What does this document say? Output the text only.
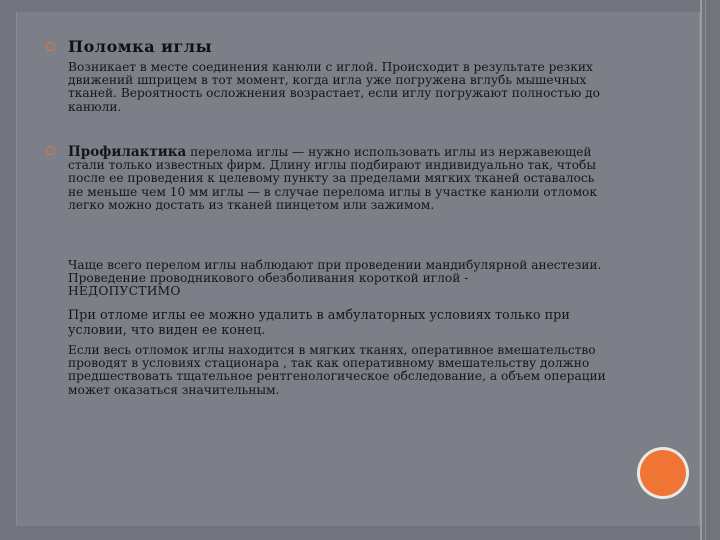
Поломка иглы
Возникает в месте соединения канюли с иглой. Происходит в результате резких движений шприцем в тот момент, когда игла уже погружена вглубь мышечных тканей. Вероятность осложнения возрастает, если иглу погружают полностью до канюли.
Профилактика перелома иглы — нужно использовать иглы из нержавеющей стали только известных фирм. Длину иглы подбирают индивидуально так, чтобы после ее проведения к целевому пункту за пределами мягких тканей оставалось не меньше чем 10 мм иглы — в случае перелома иглы в участке канюли отломок легко можно достать из тканей пинцетом или зажимом.
Чаще всего перелом иглы наблюдают при проведении мандибулярной анестезии. Проведение проводникового обезболивания короткой иглой -
НЕДОПУСТИМО
При отломе иглы ее можно удалить в амбулаторных условиях только при условии, что виден ее конец.
Если весь отломок иглы находится в мягких тканях, оперативное вмешательство проводят в условиях стационара , так как оперативному вмешательству должно предшествовать тщательное рентгенологическое обследование, а объем операции может оказаться значительным.
